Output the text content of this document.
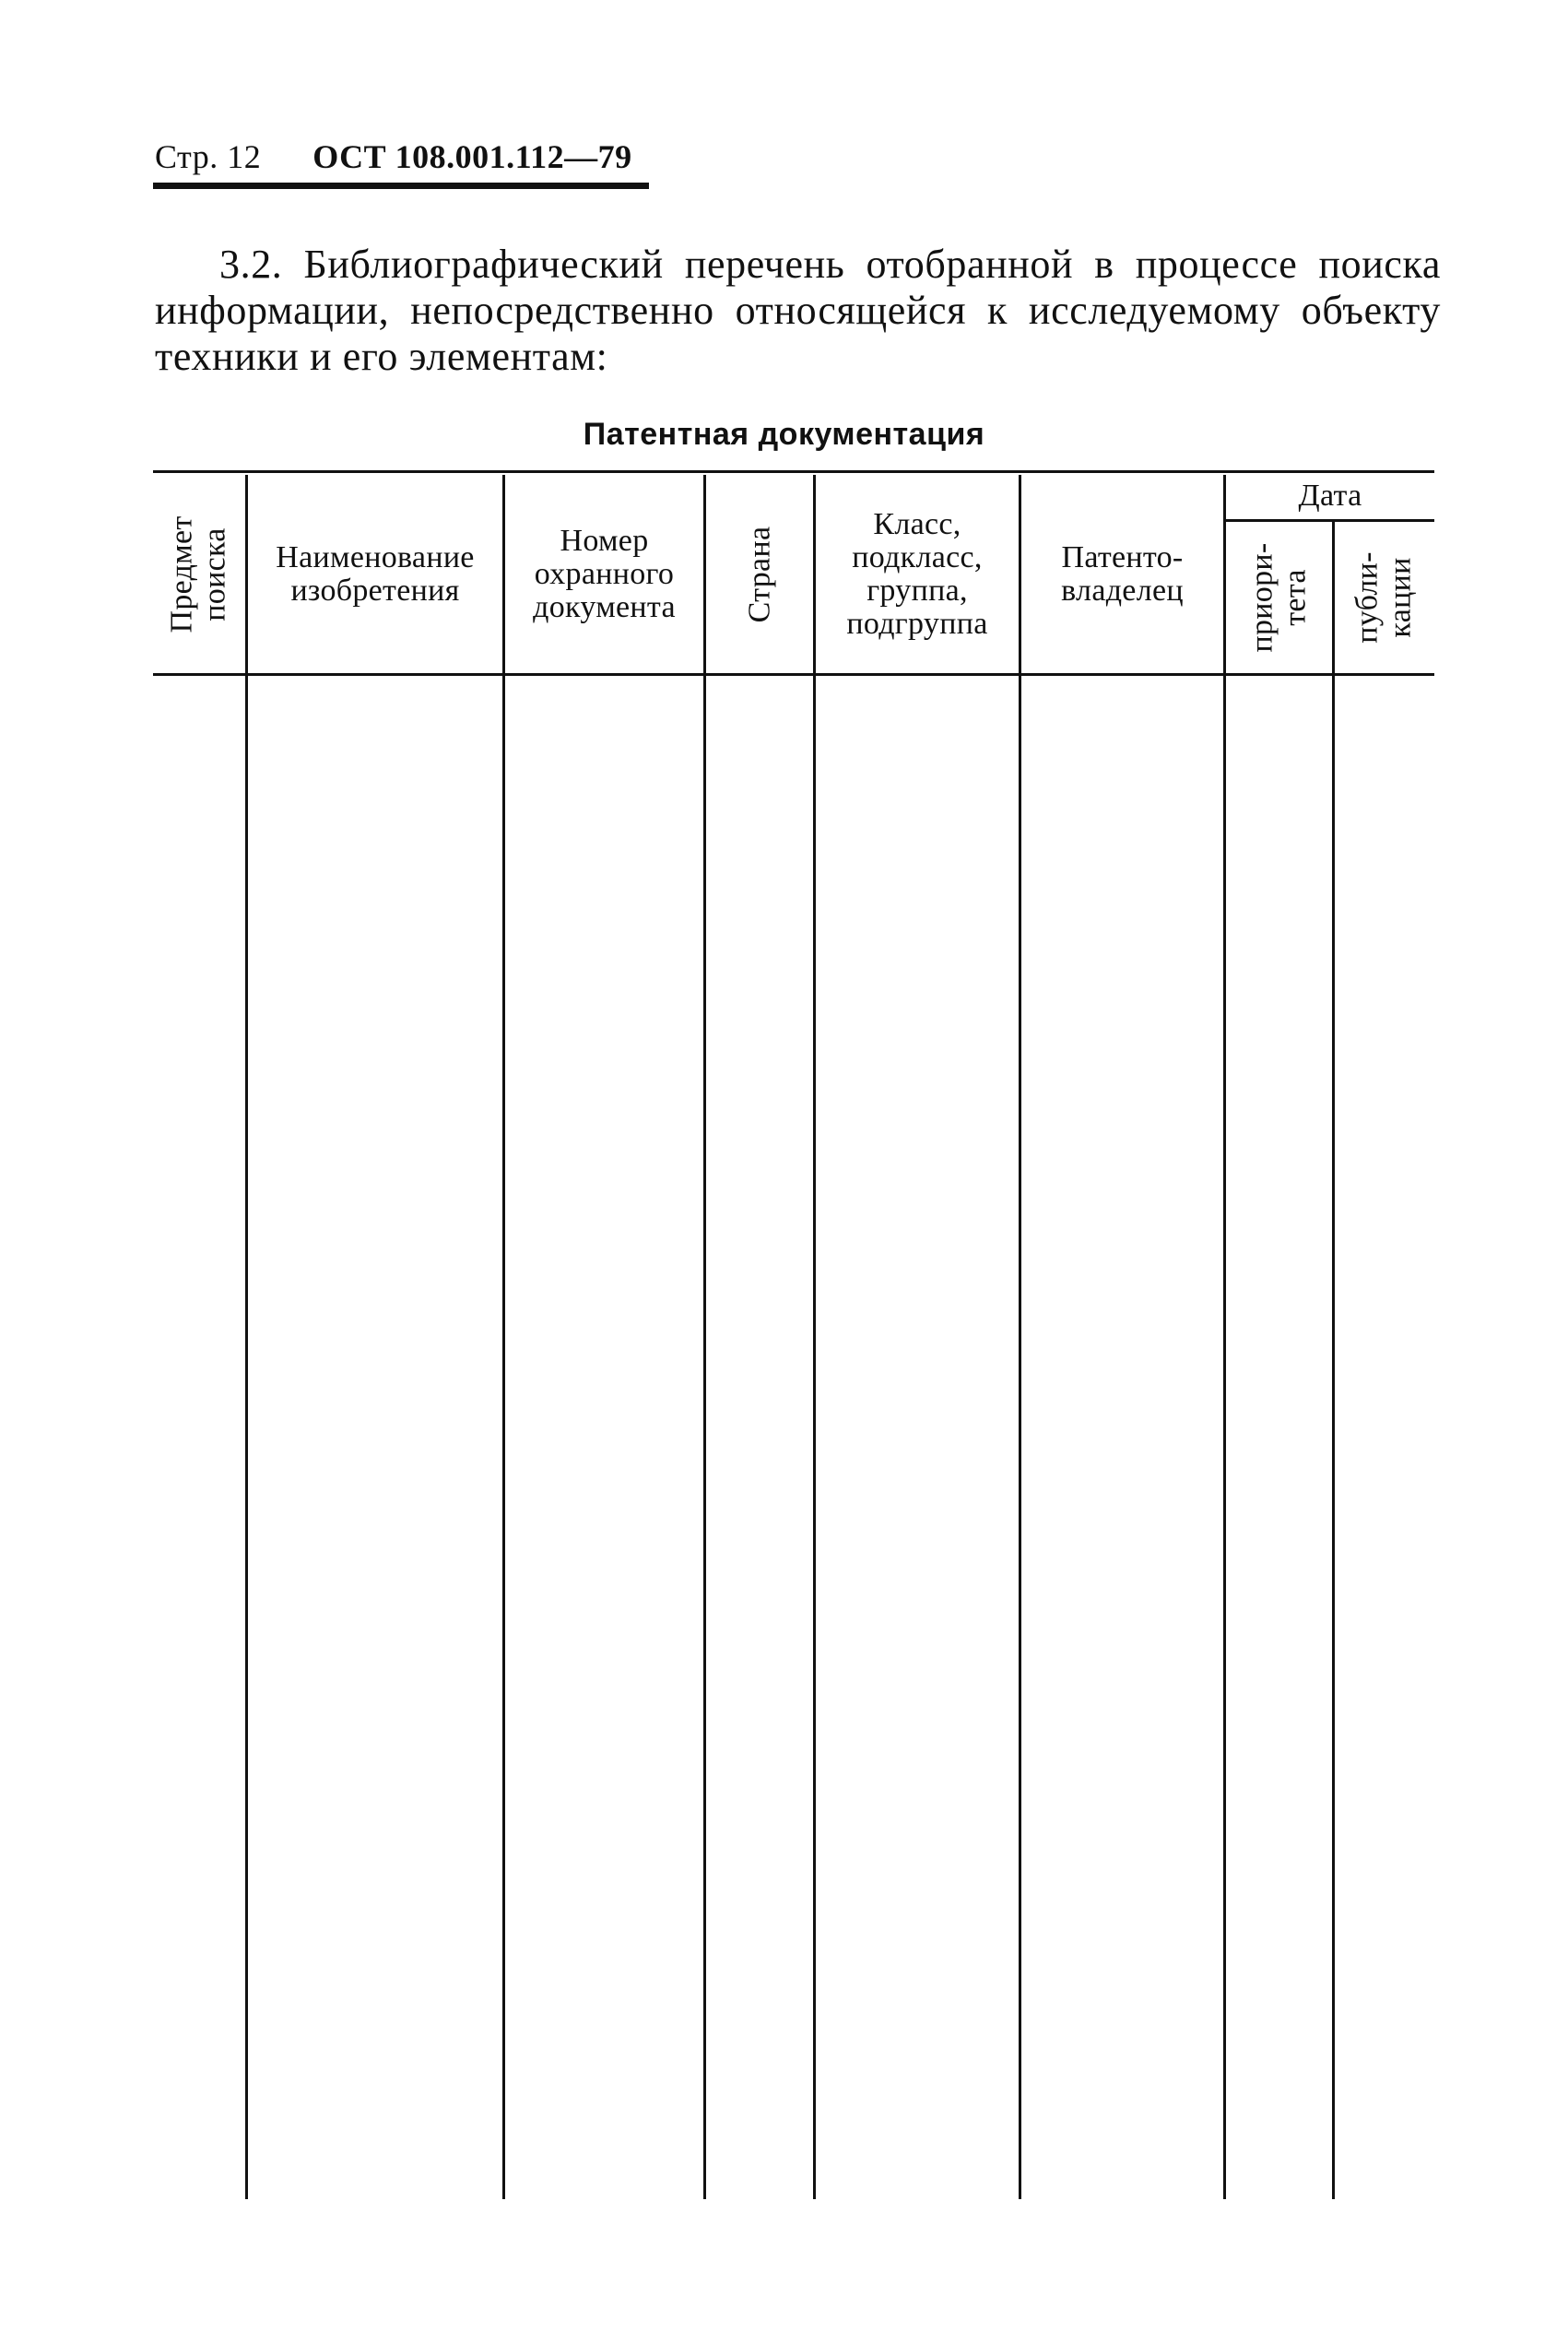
Стр. 12 ОСТ 108.001.112—79
3.2. Библиографический перечень отобранной в процессе поиска информации, непосредственно относящейся к исследуемому объекту техники и его элементам:
Патентная документация
Предмет
поиска Наименование
изобретения
Номер
охранного
документа Страна
Класс,
подкласс,
группа,
подгруппа
Патенто-
владелец
Дата
приори-
тета публи-
кации
